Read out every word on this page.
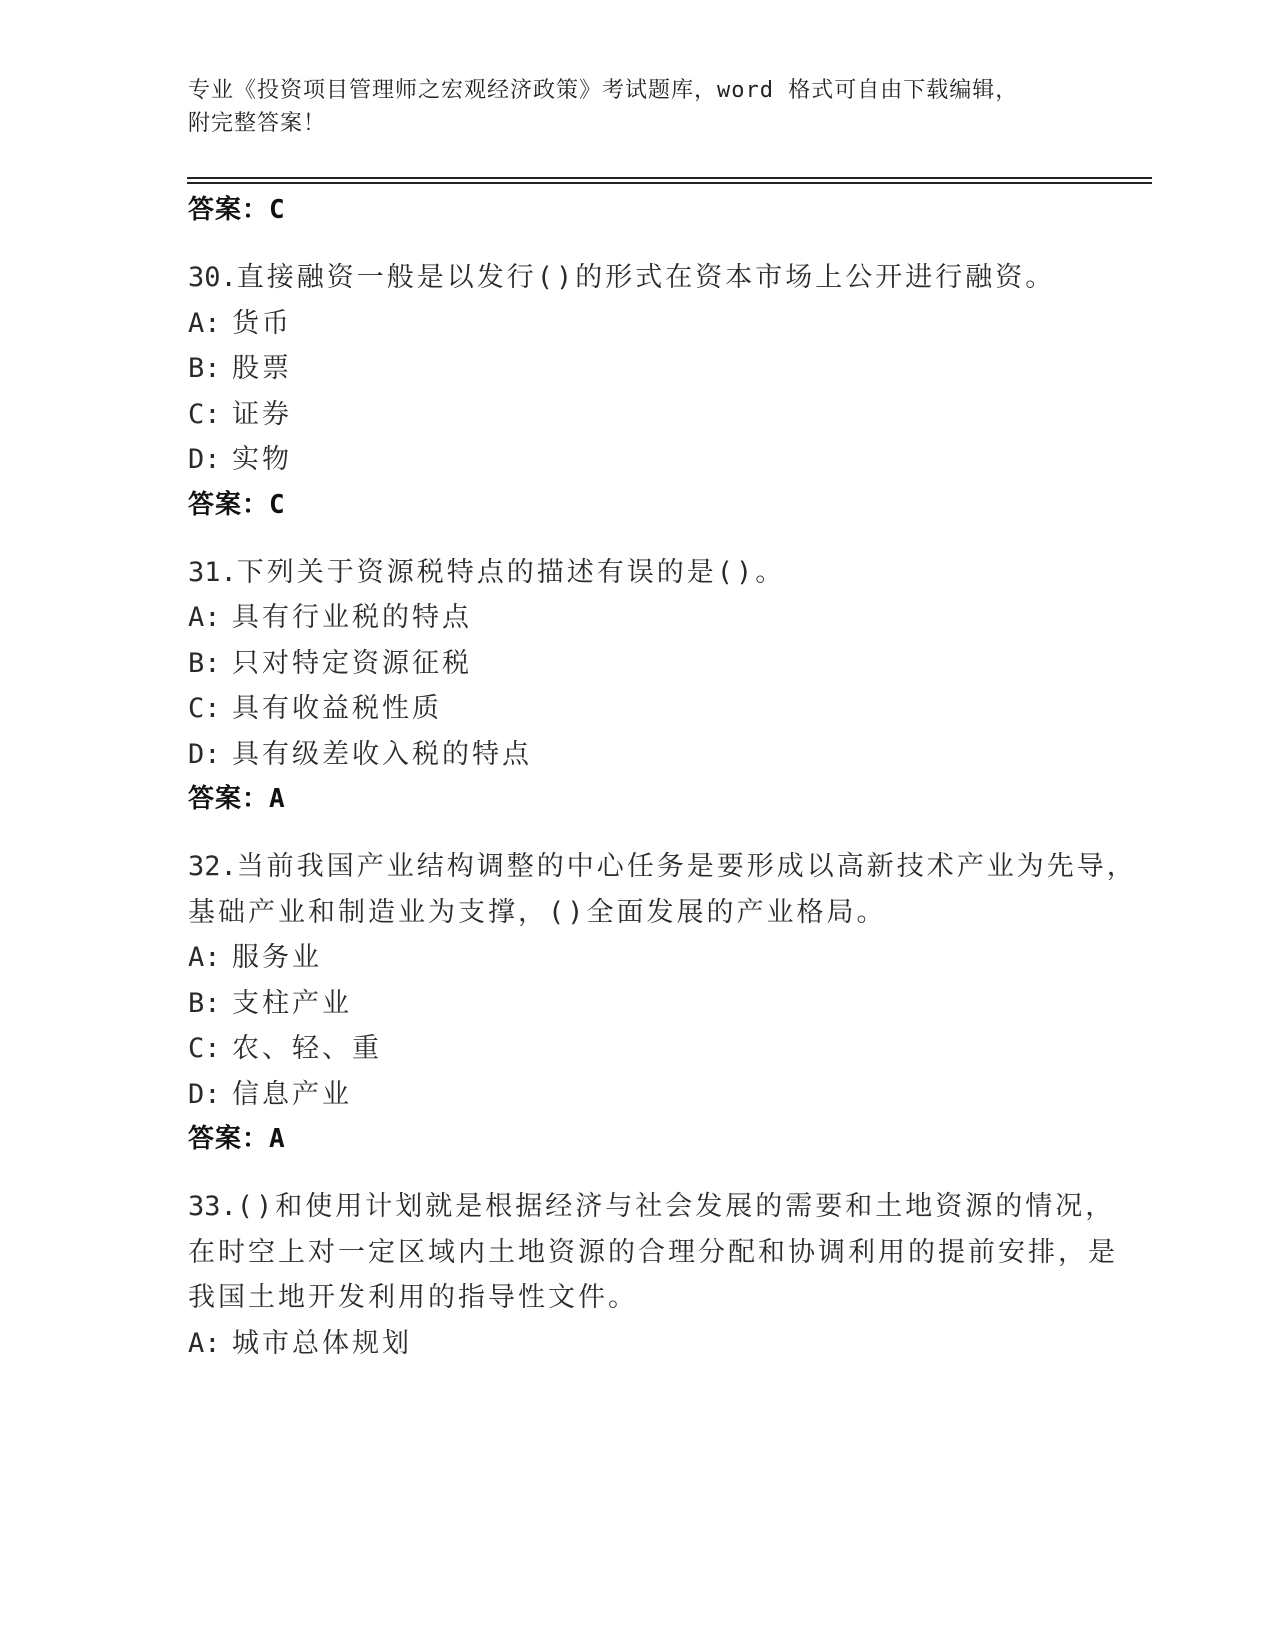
专业《投资项目管理师之宏观经济政策》考试题库，word 格式可自由下载编辑，
附完整答案！
答案：C
30.直接融资一般是以发行()的形式在资本市场上公开进行融资。
A: 货币
B: 股票
C: 证券
D: 实物
答案：C
31.下列关于资源税特点的描述有误的是()。
A: 具有行业税的特点
B: 只对特定资源征税
C: 具有收益税性质
D: 具有级差收入税的特点
答案：A
32.当前我国产业结构调整的中心任务是要形成以高新技术产业为先导，基础产业和制造业为支撑，()全面发展的产业格局。
A: 服务业
B: 支柱产业
C: 农、轻、重
D: 信息产业
答案：A
33.()和使用计划就是根据经济与社会发展的需要和土地资源的情况，在时空上对一定区域内土地资源的合理分配和协调利用的提前安排，是我国土地开发利用的指导性文件。
A: 城市总体规划
